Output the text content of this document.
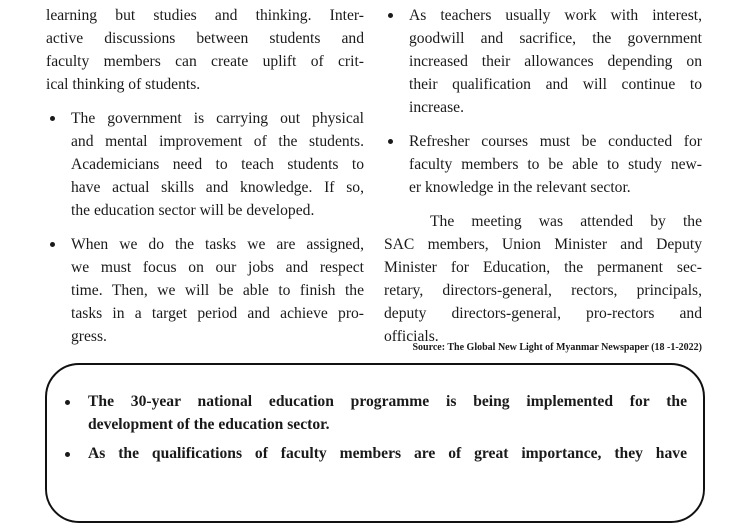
learning but studies and thinking. Inter-
active discussions between students and
faculty members can create uplift of crit-
ical thinking of students.
The government is carrying out physical
and mental improvement of the students.
Academicians need to teach students to
have actual skills and knowledge. If so,
the education sector will be developed.
When we do the tasks we are assigned,
we must focus on our jobs and respect
time. Then, we will be able to finish the
tasks in a target period and achieve pro-
gress.
As teachers usually work with interest,
goodwill and sacrifice, the government
increased their allowances depending on
their qualification and will continue to
increase.
Refresher courses must be conducted for
faculty members to be able to study new-
er knowledge in the relevant sector.
The meeting was attended by the
SAC members, Union Minister and Deputy
Minister for Education, the permanent sec-
retary, directors-general, rectors, principals,
deputy directors-general, pro-rectors and
officials.
Source: The Global New Light of Myanmar Newspaper (18 -1-2022)
The 30-year national education programme is being implemented for the
development of the education sector.
As the qualifications of faculty members are of great importance, they have
